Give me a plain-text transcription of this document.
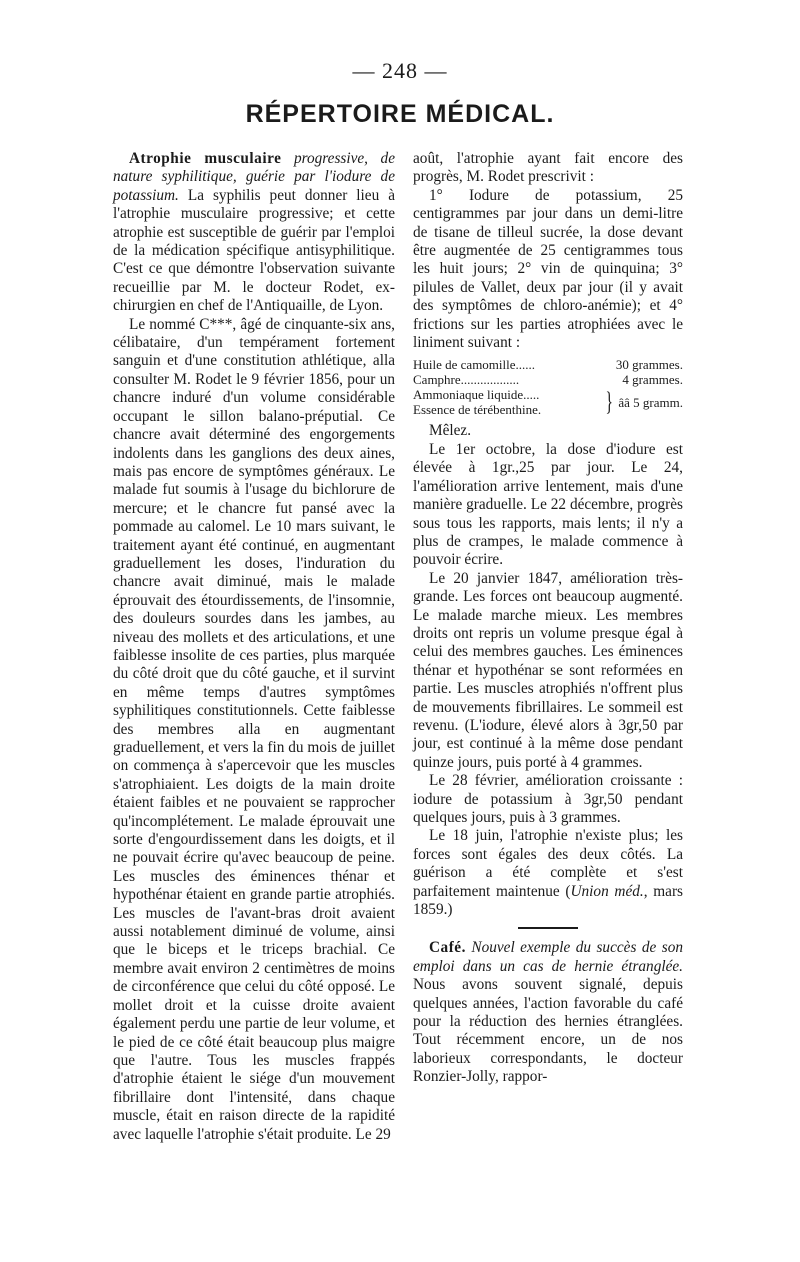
— 248 —
RÉPERTOIRE MÉDICAL.

Atrophie musculaire progressive, de nature syphilitique, guérie par l'iodure de potassium. La syphilis peut donner lieu à l'atrophie musculaire progressive; et cette atrophie est susceptible de guérir par l'emploi de la médication spécifique antisyphilitique. C'est ce que démontre l'observation suivante recueillie par M. le docteur Rodet, ex-chirurgien en chef de l'Antiquaille, de Lyon.

Le nommé C***, âgé de cinquante-six ans, célibataire, d'un tempérament fortement sanguin et d'une constitution athlétique, alla consulter M. Rodet le 9 février 1856, pour un chancre induré d'un volume considérable occupant le sillon balano-préputial. Ce chancre avait déterminé des engorgements indolents dans les ganglions des deux aines, mais pas encore de symptômes généraux. Le malade fut soumis à l'usage du bichlorure de mercure; et le chancre fut pansé avec la pommade au calomel. Le 10 mars suivant, le traitement ayant été continué, en augmentant graduellement les doses, l'induration du chancre avait diminué, mais le malade éprouvait des étourdissements, de l'insomnie, des douleurs sourdes dans les jambes, au niveau des mollets et des articulations, et une faiblesse insolite de ces parties, plus marquée du côté droit que du côté gauche, et il survint en même temps d'autres symptômes syphilitiques constitutionnels. Cette faiblesse des membres alla en augmentant graduellement, et vers la fin du mois de juillet on commença à s'apercevoir que les muscles s'atrophiaient. Les doigts de la main droite étaient faibles et ne pouvaient se rapprocher qu'incomplétement. Le malade éprouvait une sorte d'engourdissement dans les doigts, et il ne pouvait écrire qu'avec beaucoup de peine. Les muscles des éminences thénar et hypothénar étaient en grande partie atrophiés. Les muscles de l'avant-bras droit avaient aussi notablement diminué de volume, ainsi que le biceps et le triceps brachial. Ce membre avait environ 2 centimètres de moins de circonférence que celui du côté opposé. Le mollet droit et la cuisse droite avaient également perdu une partie de leur volume, et le pied de ce côté était beaucoup plus maigre que l'autre. Tous les muscles frappés d'atrophie étaient le siége d'un mouvement fibrillaire dont l'intensité, dans chaque muscle, était en raison directe de la rapidité avec laquelle l'atrophie s'était produite. Le 29

août, l'atrophie ayant fait encore des progrès, M. Rodet prescrivit :

1° Iodure de potassium, 25 centigrammes par jour dans un demi-litre de tisane de tilleul sucrée, la dose devant être augmentée de 25 centigrammes tous les huit jours; 2° vin de quinquina; 3° pilules de Vallet, deux par jour (il y avait des symptômes de chloro-anémie); et 4° frictions sur les parties atrophiées avec le liniment suivant :

Huile de camomille......	30 grammes.
Camphre..................	4 grammes.
Ammoniaque liquide.....
Essence de térébenthine.	} ââ 5 gramm.

Mêlez.

Le 1er octobre, la dose d'iodure est élevée à 1gr.,25 par jour. Le 24, l'amélioration arrive lentement, mais d'une manière graduelle. Le 22 décembre, progrès sous tous les rapports, mais lents; il n'y a plus de crampes, le malade commence à pouvoir écrire.

Le 20 janvier 1847, amélioration très-grande. Les forces ont beaucoup augmenté. Le malade marche mieux. Les membres droits ont repris un volume presque égal à celui des membres gauches. Les éminences thénar et hypothénar se sont reformées en partie. Les muscles atrophiés n'offrent plus de mouvements fibrillaires. Le sommeil est revenu. (L'iodure, élevé alors à 3gr,50 par jour, est continué à la même dose pendant quinze jours, puis porté à 4 grammes.

Le 28 février, amélioration croissante : iodure de potassium à 3gr,50 pendant quelques jours, puis à 3 grammes.

Le 18 juin, l'atrophie n'existe plus; les forces sont égales des deux côtés. La guérison a été complète et s'est parfaitement maintenue (Union méd., mars 1859.)

Café. Nouvel exemple du succès de son emploi dans un cas de hernie étranglée. Nous avons souvent signalé, depuis quelques années, l'action favorable du café pour la réduction des hernies étranglées. Tout récemment encore, un de nos laborieux correspondants, le docteur Ronzier-Jolly, rappor-
